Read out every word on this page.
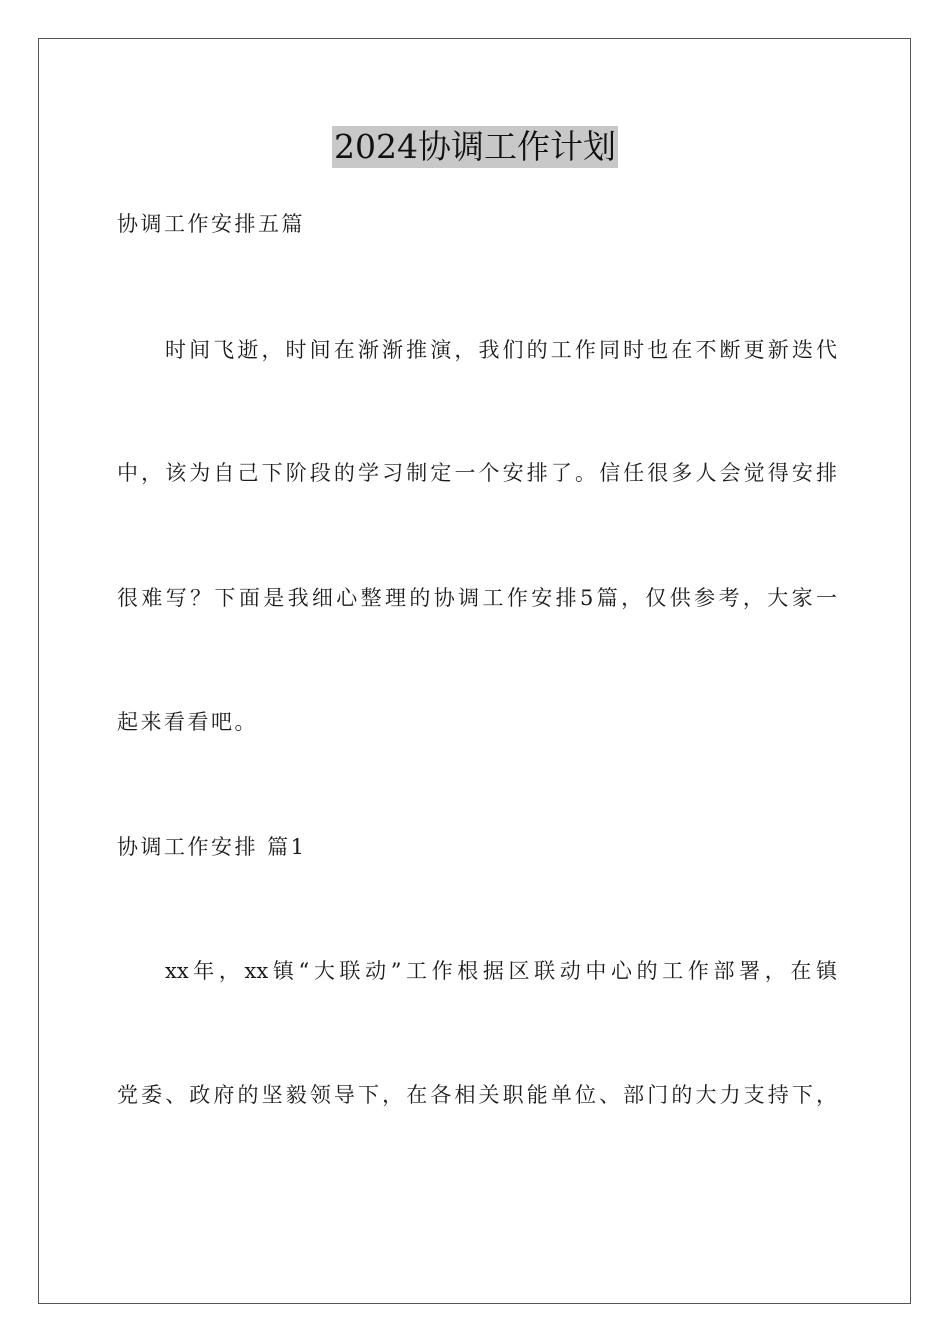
2024协调工作计划
协调工作安排五篇
时间飞逝，时间在渐渐推演，我们的工作同时也在不断更新迭代
中，该为自己下阶段的学习制定一个安排了。信任很多人会觉得安排
很难写？下面是我细心整理的协调工作安排5篇，仅供参考，大家一
起来看看吧。
协调工作安排 篇1
xx年，xx镇“大联动”工作根据区联动中心的工作部署，在镇
党委、政府的坚毅领导下，在各相关职能单位、部门的大力支持下，
